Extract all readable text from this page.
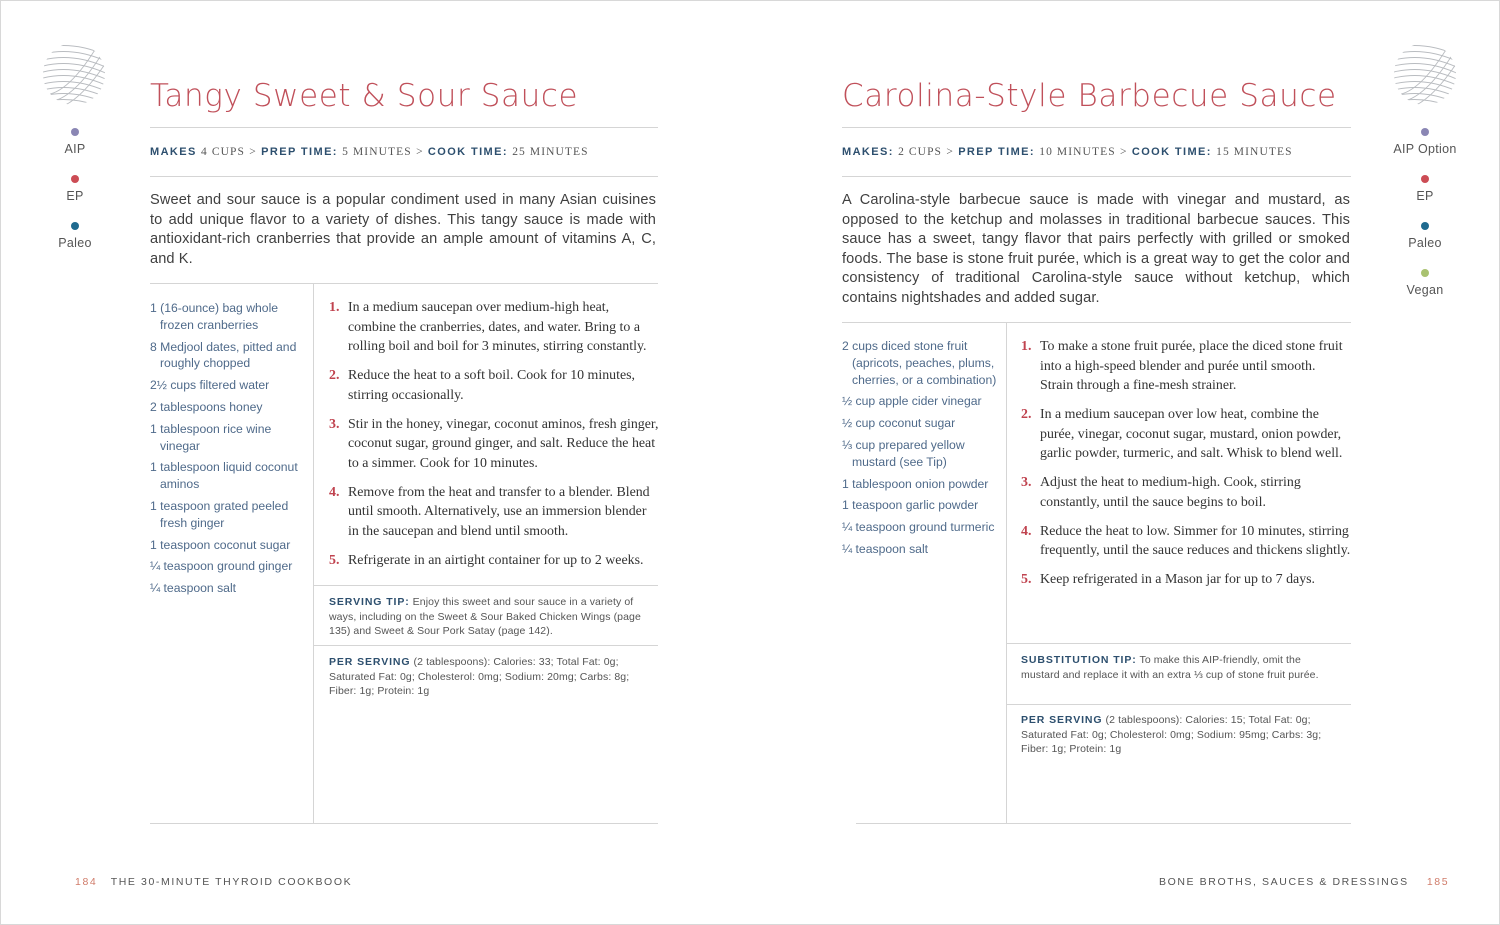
AIP
EP
Paleo
Tangy Sweet & Sour Sauce
MAKES 4 CUPS > PREP TIME: 5 MINUTES > COOK TIME: 25 MINUTES
Sweet and sour sauce is a popular condiment used in many Asian cuisines to add unique flavor to a variety of dishes. This tangy sauce is made with antioxidant-rich cranberries that provide an ample amount of vitamins A, C, and K.
1 (16-ounce) bag whole frozen cranberries
8 Medjool dates, pitted and roughly chopped
2½ cups filtered water
2 tablespoons honey
1 tablespoon rice wine vinegar
1 tablespoon liquid coconut aminos
1 teaspoon grated peeled fresh ginger
1 teaspoon coconut sugar
¼ teaspoon ground ginger
¼ teaspoon salt
1. In a medium saucepan over medium-high heat, combine the cranberries, dates, and water. Bring to a rolling boil and boil for 3 minutes, stirring constantly.
2. Reduce the heat to a soft boil. Cook for 10 minutes, stirring occasionally.
3. Stir in the honey, vinegar, coconut aminos, fresh ginger, coconut sugar, ground ginger, and salt. Reduce the heat to a simmer. Cook for 10 minutes.
4. Remove from the heat and transfer to a blender. Blend until smooth. Alternatively, use an immersion blender in the saucepan and blend until smooth.
5. Refrigerate in an airtight container for up to 2 weeks.
SERVING TIP: Enjoy this sweet and sour sauce in a variety of ways, including on the Sweet & Sour Baked Chicken Wings (page 135) and Sweet & Sour Pork Satay (page 142).
PER SERVING (2 tablespoons): Calories: 33; Total Fat: 0g; Saturated Fat: 0g; Cholesterol: 0mg; Sodium: 20mg; Carbs: 8g; Fiber: 1g; Protein: 1g
184 THE 30-MINUTE THYROID COOKBOOK
AIP Option
EP
Paleo
Vegan
Carolina-Style Barbecue Sauce
MAKES: 2 CUPS > PREP TIME: 10 MINUTES > COOK TIME: 15 MINUTES
A Carolina-style barbecue sauce is made with vinegar and mustard, as opposed to the ketchup and molasses in traditional barbecue sauces. This sauce has a sweet, tangy flavor that pairs perfectly with grilled or smoked foods. The base is stone fruit purée, which is a great way to get the color and consistency of traditional Carolina-style sauce without ketchup, which contains nightshades and added sugar.
2 cups diced stone fruit (apricots, peaches, plums, cherries, or a combination)
½ cup apple cider vinegar
½ cup coconut sugar
⅓ cup prepared yellow mustard (see Tip)
1 tablespoon onion powder
1 teaspoon garlic powder
¼ teaspoon ground turmeric
¼ teaspoon salt
1. To make a stone fruit purée, place the diced stone fruit into a high-speed blender and purée until smooth. Strain through a fine-mesh strainer.
2. In a medium saucepan over low heat, combine the purée, vinegar, coconut sugar, mustard, onion powder, garlic powder, turmeric, and salt. Whisk to blend well.
3. Adjust the heat to medium-high. Cook, stirring constantly, until the sauce begins to boil.
4. Reduce the heat to low. Simmer for 10 minutes, stirring frequently, until the sauce reduces and thickens slightly.
5. Keep refrigerated in a Mason jar for up to 7 days.
SUBSTITUTION TIP: To make this AIP-friendly, omit the mustard and replace it with an extra ⅓ cup of stone fruit purée.
PER SERVING (2 tablespoons): Calories: 15; Total Fat: 0g; Saturated Fat: 0g; Cholesterol: 0mg; Sodium: 95mg; Carbs: 3g; Fiber: 1g; Protein: 1g
BONE BROTHS, SAUCES & DRESSINGS 185
